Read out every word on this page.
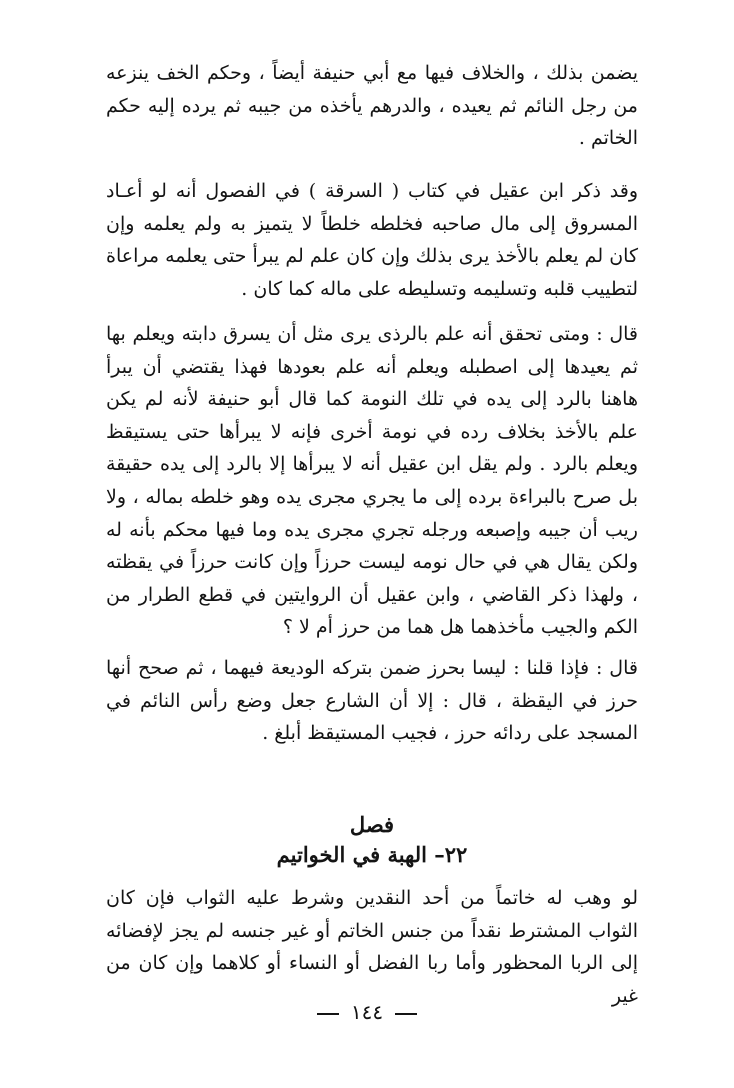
يضمن بذلك ، والخلاف فيها مع أبي حنيفة أيضاً ، وحكم الخف ينزعه من رجل النائم ثم يعيده ، والدرهم يأخذه من جيبه ثم يرده إليه حكم الخاتم .

وقد ذكر ابن عقيل في كتاب ( السرقة ) في الفصول أنه لو أعـاد المسروق إلى مال صاحبه فخلطه خلطاً لا يتميز به ولم يعلمه وإن كان لم يعلم بالأخذ يرى بذلك وإن كان علم لم يبرأ حتى يعلمه مراعاة لتطييب قلبه وتسليمه وتسليطه على ماله كما كان .

قال : ومتى تحقق أنه علم بالرذى يرى مثل أن يسرق دابته ويعلم بها ثم يعيدها إلى اصطبله ويعلم أنه علم بعودها فهذا يقتضي أن يبرأ هاهنا بالرد إلى يده في تلك النومة كما قال أبو حنيفة لأنه لم يكن علم بالأخذ بخلاف رده في نومة أخرى فإنه لا يبرأها حتى يستيقظ ويعلم بالرد . ولم يقل ابن عقيل أنه لا يبرأها إلا بالرد إلى يده حقيقة بل صرح بالبراءة برده إلى ما يجري مجرى يده وهو خلطه بماله ، ولا ريب أن جيبه وإصبعه ورجله تجري مجرى يده وما فيها محكم بأنه له ولكن يقال هي في حال نومه ليست حرزاً وإن كانت حرزاً في يقظته ، ولهذا ذكر القاضي ، وابن عقيل أن الروايتين في قطع الطرار من الكم والجيب مأخذهما هل هما من حرز أم لا ؟

قال : فإذا قلنا : ليسا بحرز ضمن بتركه الوديعة فيهما ، ثم صحح أنها حرز في اليقظة ، قال : إلا أن الشارع جعل وضع رأس النائم في المسجد على ردائه حرز ، فجيب المستيقظ أبلغ .

فصل
٢٢– الهبة في الخواتيم

لو وهب له خاتماً من أحد النقدين وشرط عليه الثواب فإن كان الثواب المشترط نقداً من جنس الخاتم أو غير جنسه لم يجز لإفضائه إلى الربا المحظور وأما ربا الفضل أو النساء أو كلاهما وإن كان من غير

١٤٤
